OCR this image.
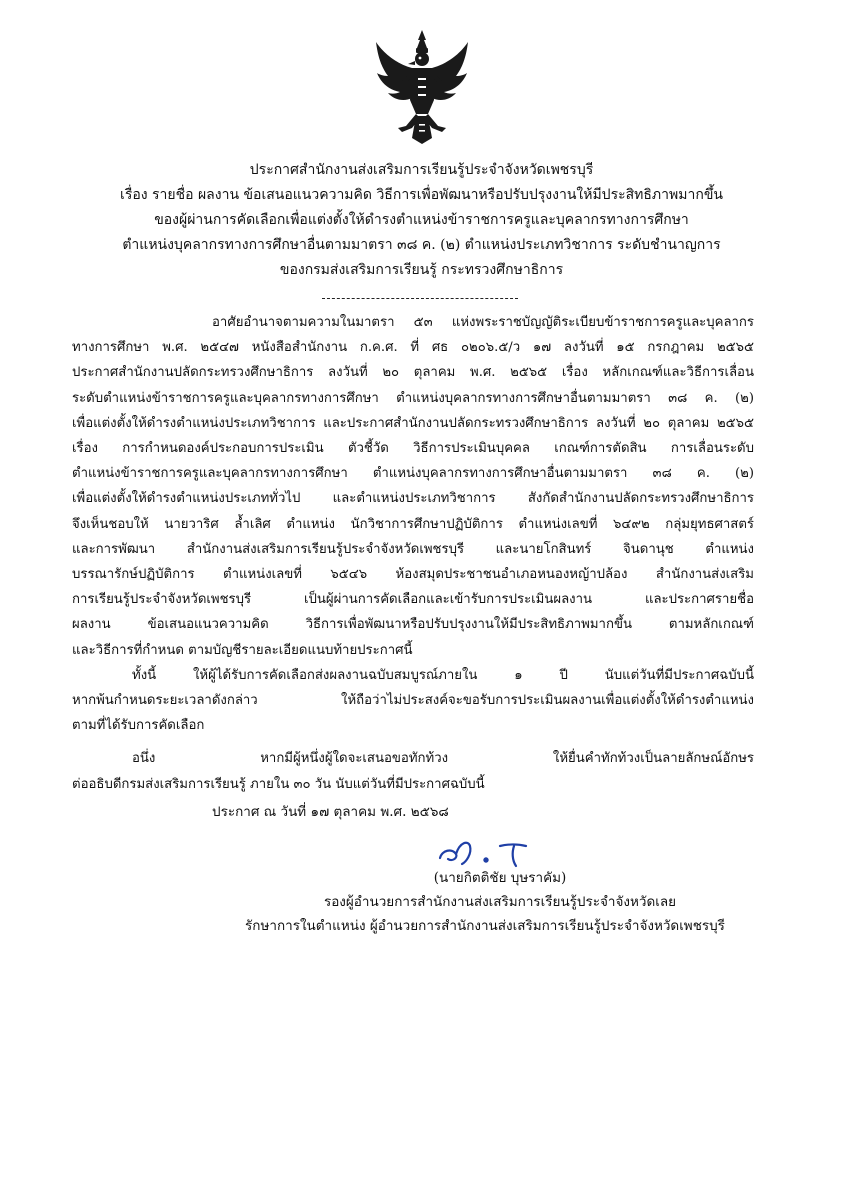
ประกาศสำนักงานส่งเสริมการเรียนรู้ประจำจังหวัดเพชรบุรี
เรื่อง รายชื่อ ผลงาน ข้อเสนอแนวความคิด วิธีการเพื่อพัฒนาหรือปรับปรุงงานให้มีประสิทธิภาพมากขึ้น
ของผู้ผ่านการคัดเลือกเพื่อแต่งตั้งให้ดำรงตำแหน่งข้าราชการครูและบุคลากรทางการศึกษา
ตำแหน่งบุคลากรทางการศึกษาอื่นตามมาตรา ๓๘ ค. (๒) ตำแหน่งประเภทวิชาการ ระดับชำนาญการ
ของกรมส่งเสริมการเรียนรู้ กระทรวงศึกษาธิการ
อาศัยอำนาจตามความในมาตรา ๕๓ แห่งพระราชบัญญัติระเบียบข้าราชการครูและบุคลากร
ทางการศึกษา พ.ศ. ๒๕๔๗ หนังสือสำนักงาน ก.ค.ศ. ที่ ศธ ๐๒๐๖.๕/ว ๑๗ ลงวันที่ ๑๕ กรกฎาคม ๒๕๖๕
ประกาศสำนักงานปลัดกระทรวงศึกษาธิการ ลงวันที่ ๒๐ ตุลาคม พ.ศ. ๒๕๖๕ เรื่อง หลักเกณฑ์และวิธีการเลื่อน
ระดับตำแหน่งข้าราชการครูและบุคลากรทางการศึกษา ตำแหน่งบุคลากรทางการศึกษาอื่นตามมาตรา ๓๘ ค. (๒)
เพื่อแต่งตั้งให้ดำรงตำแหน่งประเภทวิชาการ และประกาศสำนักงานปลัดกระทรวงศึกษาธิการ ลงวันที่ ๒๐ ตุลาคม ๒๕๖๕
เรื่อง การกำหนดองค์ประกอบการประเมิน ตัวชี้วัด วิธีการประเมินบุคคล เกณฑ์การตัดสิน การเลื่อนระดับ
ตำแหน่งข้าราชการครูและบุคลากรทางการศึกษา ตำแหน่งบุคลากรทางการศึกษาอื่นตามมาตรา ๓๘ ค. (๒)
เพื่อแต่งตั้งให้ดำรงตำแหน่งประเภททั่วไป และตำแหน่งประเภทวิชาการ สังกัดสำนักงานปลัดกระทรวงศึกษาธิการ
จึงเห็นชอบให้ นายวาริศ ล้ำเลิศ ตำแหน่ง นักวิชาการศึกษาปฏิบัติการ ตำแหน่งเลขที่ ๖๔๙๒ กลุ่มยุทธศาสตร์
และการพัฒนา สำนักงานส่งเสริมการเรียนรู้ประจำจังหวัดเพชรบุรี และนายโกสินทร์ จินดานุช ตำแหน่ง
บรรณารักษ์ปฏิบัติการ ตำแหน่งเลขที่ ๖๕๔๖ ห้องสมุดประชาชนอำเภอหนองหญ้าปล้อง สำนักงานส่งเสริม
การเรียนรู้ประจำจังหวัดเพชรบุรี เป็นผู้ผ่านการคัดเลือกและเข้ารับการประเมินผลงาน และประกาศรายชื่อ
ผลงาน ข้อเสนอแนวความคิด วิธีการเพื่อพัฒนาหรือปรับปรุงงานให้มีประสิทธิภาพมากขึ้น ตามหลักเกณฑ์
และวิธีการที่กำหนด ตามบัญชีรายละเอียดแนบท้ายประกาศนี้
ทั้งนี้ ให้ผู้ได้รับการคัดเลือกส่งผลงานฉบับสมบูรณ์ภายใน ๑ ปี นับแต่วันที่มีประกาศฉบับนี้
หากพ้นกำหนดระยะเวลาดังกล่าว ให้ถือว่าไม่ประสงค์จะขอรับการประเมินผลงานเพื่อแต่งตั้งให้ดำรงตำแหน่ง
ตามที่ได้รับการคัดเลือก
อนึ่ง หากมีผู้หนึ่งผู้ใดจะเสนอขอทักท้วง ให้ยื่นคำทักท้วงเป็นลายลักษณ์อักษร
ต่ออธิบดีกรมส่งเสริมการเรียนรู้ ภายใน ๓๐ วัน นับแต่วันที่มีประกาศฉบับนี้
ประกาศ ณ วันที่ ๑๗ ตุลาคม พ.ศ. ๒๕๖๘
(นายกิตติชัย บุษราคัม)
รองผู้อำนวยการสำนักงานส่งเสริมการเรียนรู้ประจำจังหวัดเลย
รักษาการในตำแหน่ง ผู้อำนวยการสำนักงานส่งเสริมการเรียนรู้ประจำจังหวัดเพชรบุรี
